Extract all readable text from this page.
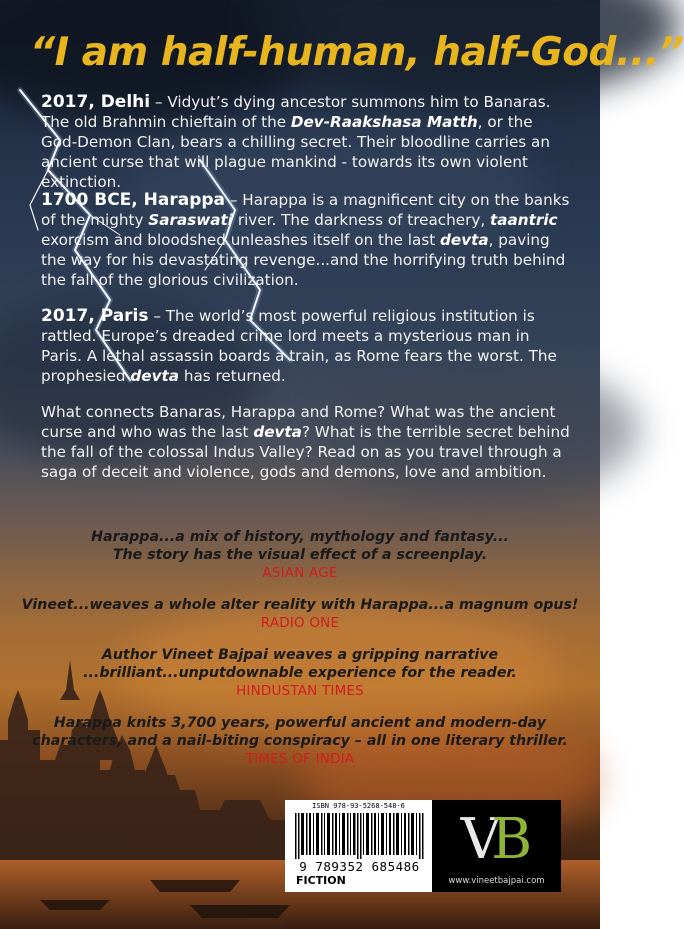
“I am half-human, half-God...”

2017, Delhi – Vidyut’s dying ancestor summons him to Banaras. The old Brahmin chieftain of the Dev-Raakshasa Matth, or the God-Demon Clan, bears a chilling secret. Their bloodline carries an ancient curse that will plague mankind - towards its own violent extinction.

1700 BCE, Harappa – Harappa is a magnificent city on the banks of the mighty Saraswati river. The darkness of treachery, taantric exorcism and bloodshed unleashes itself on the last devta, paving the way for his devastating revenge...and the horrifying truth behind the fall of the glorious civilization.

2017, Paris – The world’s most powerful religious institution is rattled. Europe’s dreaded crime lord meets a mysterious man in Paris. A lethal assassin boards a train, as Rome fears the worst. The prophesied devta has returned.

What connects Banaras, Harappa and Rome? What was the ancient curse and who was the last devta? What is the terrible secret behind the fall of the colossal Indus Valley? Read on as you travel through a saga of deceit and violence, gods and demons, love and ambition.

Harappa...a mix of history, mythology and fantasy...
The story has the visual effect of a screenplay.
ASIAN AGE
Vineet...weaves a whole alter reality with Harappa...a magnum opus!
RADIO ONE
Author Vineet Bajpai weaves a gripping narrative
...brilliant...unputdownable experience for the reader.
HINDUSTAN TIMES
Harappa knits 3,700 years, powerful ancient and modern-day
characters, and a nail-biting conspiracy – all in one literary thriller.
TIMES OF INDIA
ISBN 978-93-5268-548-6
9 789352 685486
FICTION
VB
www.vineetbajpai.com
